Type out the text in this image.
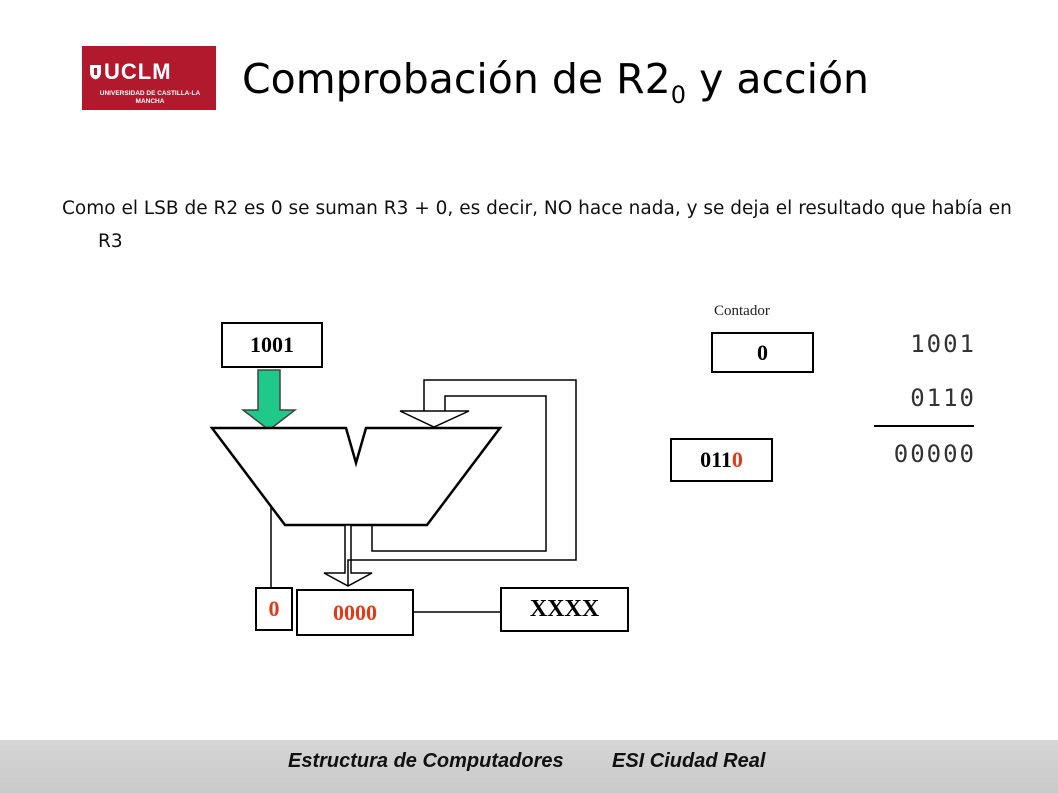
UCLM
UNIVERSIDAD DE CASTILLA-LA MANCHA	Comprobación de $R2_0$ y acción
Como el LSB de R2 es 0 se suman R3 + 0, es decir, NO hace nada, y se deja el resultado que había en R3
1001
Contador
0
011 0
0	0000	XXXX
1001
0110
00000
Estructura de Computadores ESI Ciudad Real
